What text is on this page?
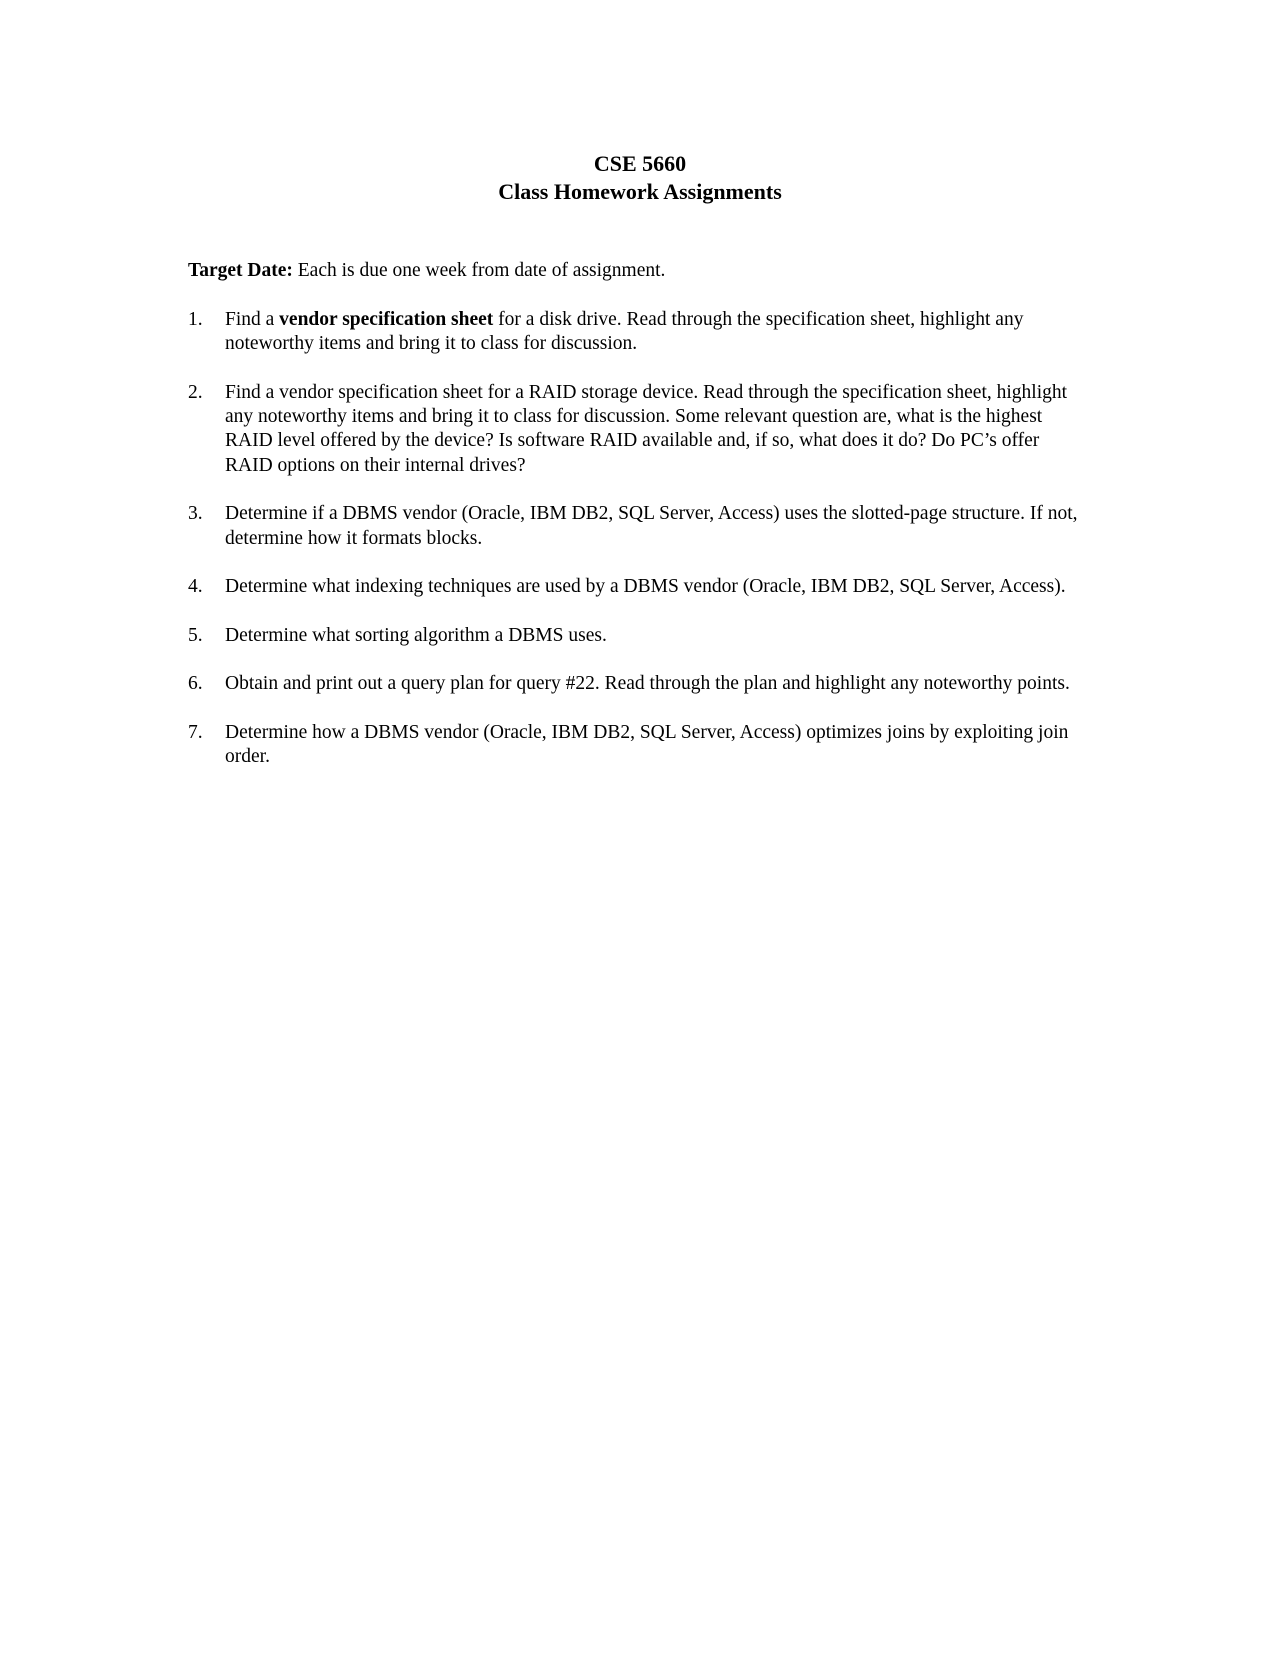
CSE 5660
Class Homework Assignments
Target Date: Each is due one week from date of assignment.
1. Find a vendor specification sheet for a disk drive. Read through the specification sheet, highlight any noteworthy items and bring it to class for discussion.
2. Find a vendor specification sheet for a RAID storage device. Read through the specification sheet, highlight any noteworthy items and bring it to class for discussion. Some relevant question are, what is the highest RAID level offered by the device? Is software RAID available and, if so, what does it do? Do PC’s offer RAID options on their internal drives?
3. Determine if a DBMS vendor (Oracle, IBM DB2, SQL Server, Access) uses the slotted-page structure. If not, determine how it formats blocks.
4. Determine what indexing techniques are used by a DBMS vendor (Oracle, IBM DB2, SQL Server, Access).
5. Determine what sorting algorithm a DBMS uses.
6. Obtain and print out a query plan for query #22. Read through the plan and highlight any noteworthy points.
7. Determine how a DBMS vendor (Oracle, IBM DB2, SQL Server, Access) optimizes joins by exploiting join order.
